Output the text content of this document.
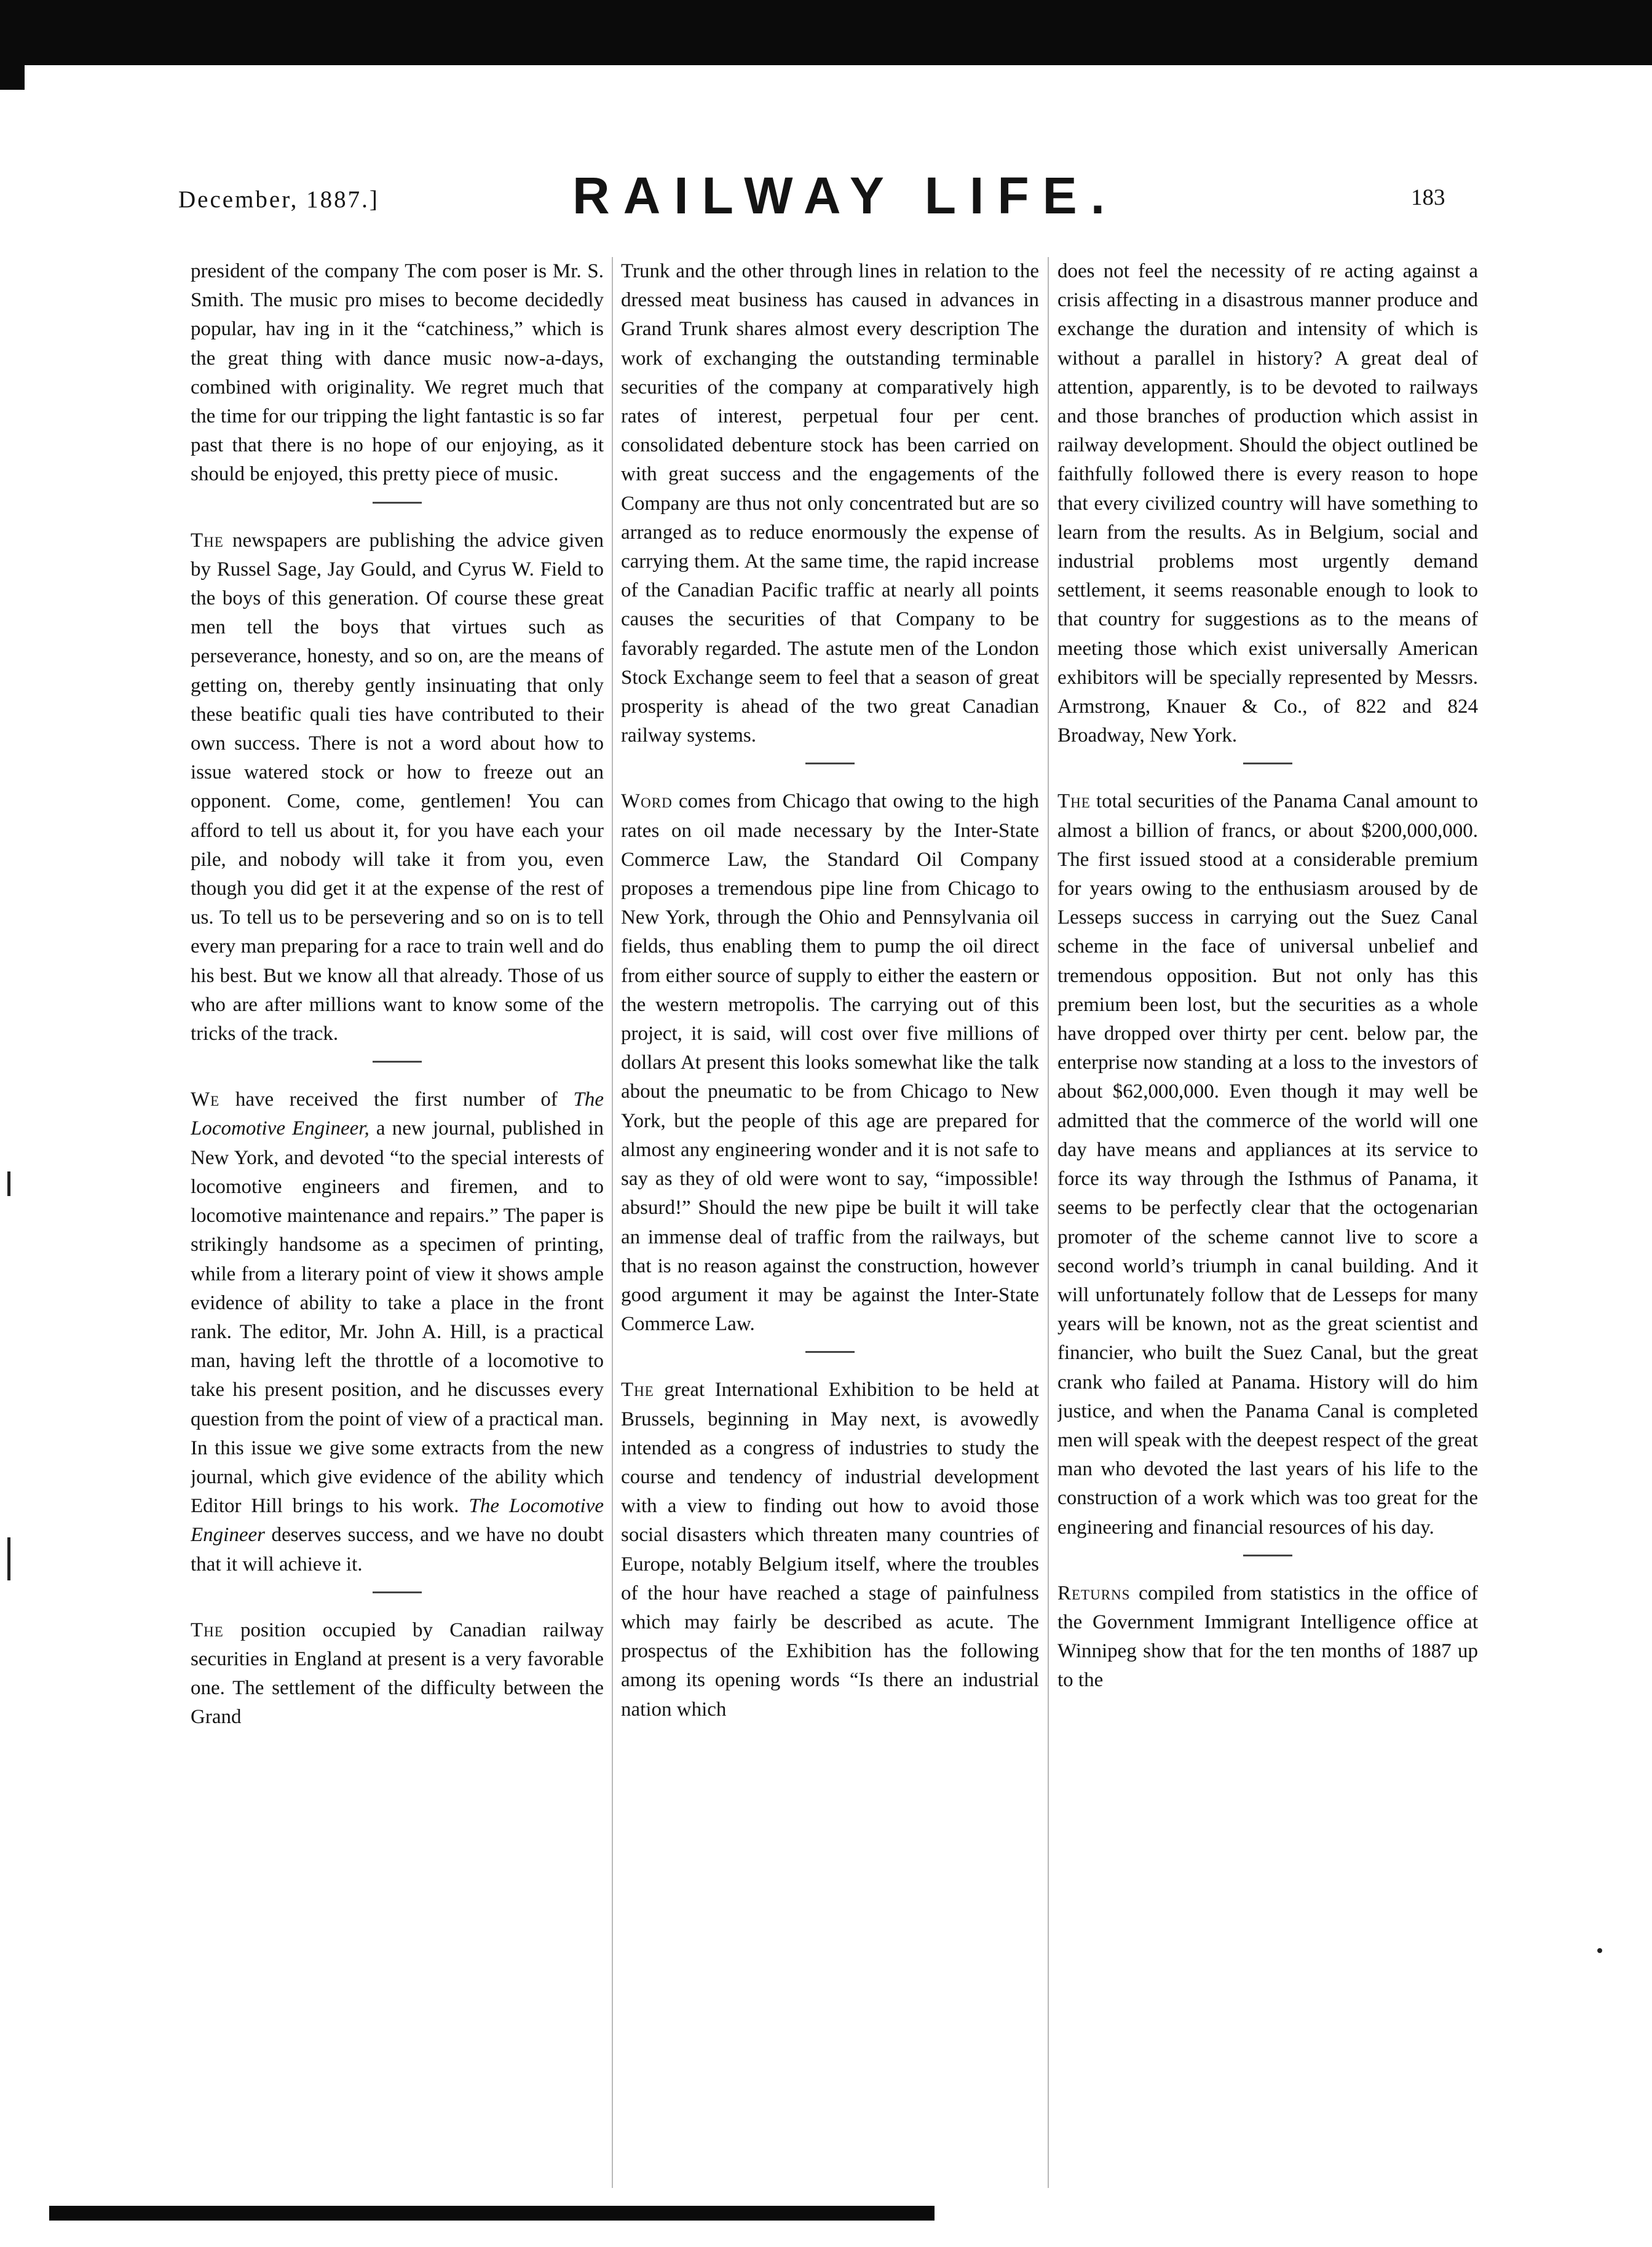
December, 1887.]	RAILWAY LIFE.	183

president of the company The com poser is Mr. S. Smith. The music pro mises to become decidedly popular, hav ing in it the “catchiness,” which is the great thing with dance music now-a-days, combined with originality. We regret much that the time for our tripping the light fantastic is so far past that there is no hope of our enjoying, as it should be enjoyed, this pretty piece of music.

The newspapers are publishing the advice given by Russel Sage, Jay Gould, and Cyrus W. Field to the boys of this generation. Of course these great men tell the boys that virtues such as perseverance, honesty, and so on, are the means of getting on, thereby gently insinuating that only these beatific quali ties have contributed to their own success. There is not a word about how to issue watered stock or how to freeze out an opponent. Come, come, gentlemen! You can afford to tell us about it, for you have each your pile, and nobody will take it from you, even though you did get it at the expense of the rest of us. To tell us to be persevering and so on is to tell every man preparing for a race to train well and do his best. But we know all that already. Those of us who are after millions want to know some of the tricks of the track.

We have received the first number of The Locomotive Engineer, a new journal, published in New York, and devoted “to the special interests of locomotive engineers and firemen, and to locomotive maintenance and repairs.” The paper is strikingly handsome as a specimen of printing, while from a literary point of view it shows ample evidence of ability to take a place in the front rank. The editor, Mr. John A. Hill, is a practical man, having left the throttle of a locomotive to take his present position, and he discusses every question from the point of view of a practical man. In this issue we give some extracts from the new journal, which give evidence of the ability which Editor Hill brings to his work. The Locomotive Engineer deserves success, and we have no doubt that it will achieve it.

The position occupied by Canadian railway securities in England at present is a very favorable one. The settlement of the difficulty between the Grand

Trunk and the other through lines in relation to the dressed meat business has caused in advances in Grand Trunk shares almost every description The work of exchanging the outstanding terminable securities of the company at comparatively high rates of interest, perpetual four per cent. consolidated debenture stock has been carried on with great success and the engagements of the Company are thus not only concentrated but are so arranged as to reduce enormously the expense of carrying them. At the same time, the rapid increase of the Canadian Pacific traffic at nearly all points causes the securities of that Company to be favorably regarded. The astute men of the London Stock Exchange seem to feel that a season of great prosperity is ahead of the two great Canadian railway systems.

Word comes from Chicago that owing to the high rates on oil made necessary by the Inter-State Commerce Law, the Standard Oil Company proposes a tremendous pipe line from Chicago to New York, through the Ohio and Pennsylvania oil fields, thus enabling them to pump the oil direct from either source of supply to either the eastern or the western metropolis. The carrying out of this project, it is said, will cost over five millions of dollars At present this looks somewhat like the talk about the pneumatic to be from Chicago to New York, but the people of this age are prepared for almost any engineering wonder and it is not safe to say as they of old were wont to say, “impossible! absurd!” Should the new pipe be built it will take an immense deal of traffic from the railways, but that is no reason against the construction, however good argument it may be against the Inter-State Commerce Law.

The great International Exhibition to be held at Brussels, beginning in May next, is avowedly intended as a congress of industries to study the course and tendency of industrial development with a view to finding out how to avoid those social disasters which threaten many countries of Europe, notably Belgium itself, where the troubles of the hour have reached a stage of painfulness which may fairly be described as acute. The prospectus of the Exhibition has the following among its opening words “Is there an industrial nation which

does not feel the necessity of re acting against a crisis affecting in a disastrous manner produce and exchange the duration and intensity of which is without a parallel in history? A great deal of attention, apparently, is to be devoted to railways and those branches of production which assist in railway development. Should the object outlined be faithfully followed there is every reason to hope that every civilized country will have something to learn from the results. As in Belgium, social and industrial problems most urgently demand settlement, it seems reasonable enough to look to that country for suggestions as to the means of meeting those which exist universally American exhibitors will be specially represented by Messrs. Armstrong, Knauer & Co., of 822 and 824 Broadway, New York.

The total securities of the Panama Canal amount to almost a billion of francs, or about $200,000,000. The first issued stood at a considerable premium for years owing to the enthusiasm aroused by de Lesseps success in carrying out the Suez Canal scheme in the face of universal unbelief and tremendous opposition. But not only has this premium been lost, but the securities as a whole have dropped over thirty per cent. below par, the enterprise now standing at a loss to the investors of about $62,000,000. Even though it may well be admitted that the commerce of the world will one day have means and appliances at its service to force its way through the Isthmus of Panama, it seems to be perfectly clear that the octogenarian promoter of the scheme cannot live to score a second world’s triumph in canal building. And it will unfortunately follow that de Lesseps for many years will be known, not as the great scientist and financier, who built the Suez Canal, but the great crank who failed at Panama. History will do him justice, and when the Panama Canal is completed men will speak with the deepest respect of the great man who devoted the last years of his life to the construction of a work which was too great for the engineering and financial resources of his day.

Returns compiled from statistics in the office of the Government Immigrant Intelligence office at Winnipeg show that for the ten months of 1887 up to the
